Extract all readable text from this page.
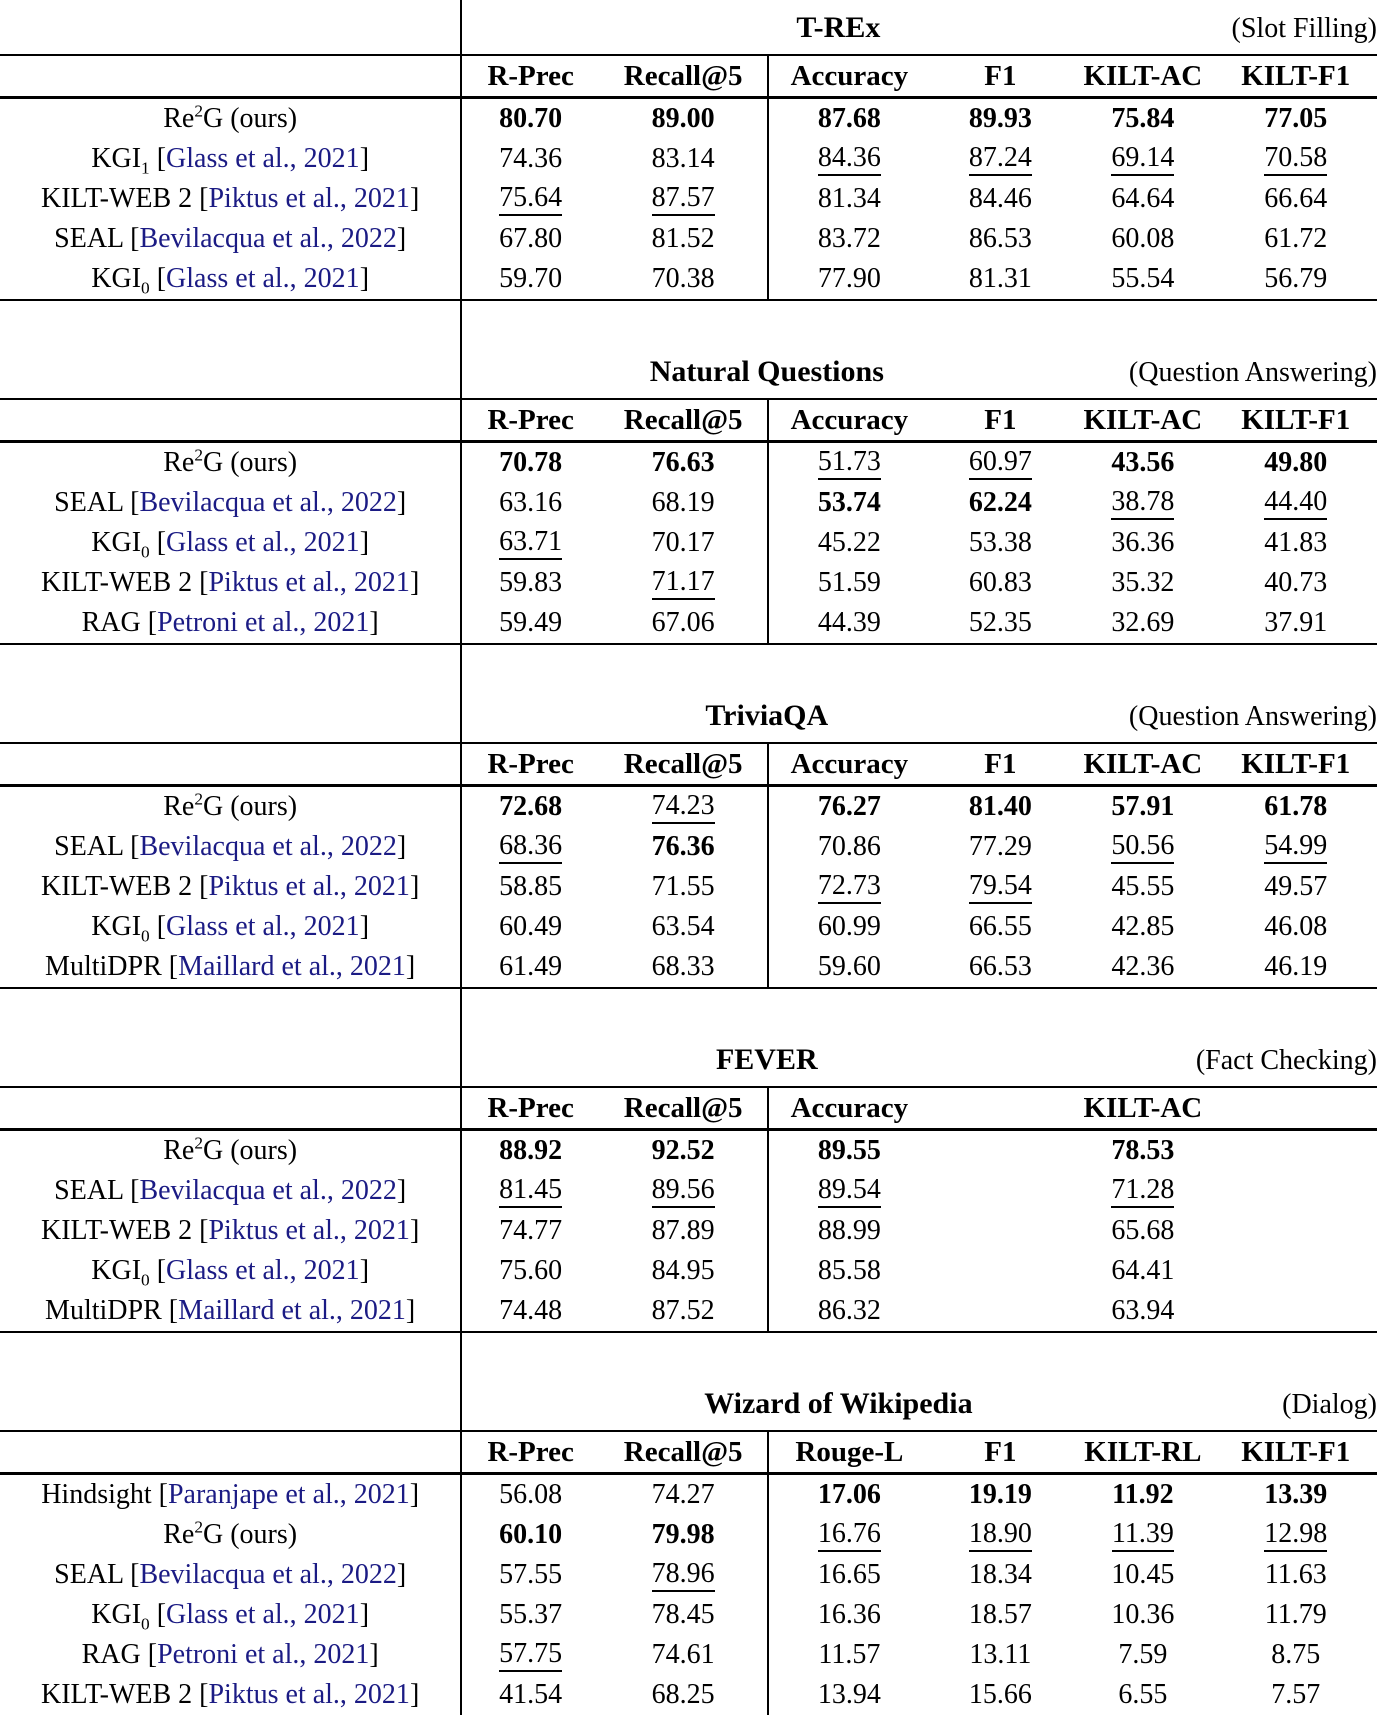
	T-REx					(Slot Filling)
	R-Prec	Recall@5	Accuracy	F1	KILT-AC	KILT-F1
Re$^2$G (ours)	80.70	89.00	87.68	89.93	75.84	77.05
$KGI_1$ [Glass et al., 2021]	74.36	83.14	84.36	87.24	69.14	70.58
KILT-WEB 2 [Piktus et al., 2021]	75.64	87.57	81.34	84.46	64.64	66.64
SEAL [Bevilacqua et al., 2022]	67.80	81.52	83.72	86.53	60.08	61.72
$KGI_0$ [Glass et al., 2021]	59.70	70.38	77.90	81.31	55.54	56.79
	Natural Questions				(Question Answering)	
	R-Prec	Recall@5	Accuracy	F1	KILT-AC	KILT-F1
Re$^2$G (ours)	70.78	76.63	51.73	60.97	43.56	49.80
SEAL [Bevilacqua et al., 2022]	63.16	68.19	53.74	62.24	38.78	44.40
$KGI_0$ [Glass et al., 2021]	63.71	70.17	45.22	53.38	36.36	41.83
KILT-WEB 2 [Piktus et al., 2021]	59.83	71.17	51.59	60.83	35.32	40.73
RAG [Petroni et al., 2021]	59.49	67.06	44.39	52.35	32.69	37.91
	TriviaQA				(Question Answering)	
	R-Prec	Recall@5	Accuracy	F1	KILT-AC	KILT-F1
Re$^2$G (ours)	72.68	74.23	76.27	81.40	57.91	61.78
SEAL [Bevilacqua et al., 2022]	68.36	76.36	70.86	77.29	50.56	54.99
KILT-WEB 2 [Piktus et al., 2021]	58.85	71.55	72.73	79.54	45.55	49.57
$KGI_0$ [Glass et al., 2021]	60.49	63.54	60.99	66.55	42.85	46.08
MultiDPR [Maillard et al., 2021]	61.49	68.33	59.60	66.53	42.36	46.19
	FEVER				(Fact Checking)	
	R-Prec	Recall@5	Accuracy		KILT-AC	
Re$^2$G (ours)	88.92	92.52	89.55		78.53	
SEAL [Bevilacqua et al., 2022]	81.45	89.56	89.54		71.28	
KILT-WEB 2 [Piktus et al., 2021]	74.77	87.89	88.99		65.68	
$KGI_0$ [Glass et al., 2021]	75.60	84.95	85.58		64.41	
MultiDPR [Maillard et al., 2021]	74.48	87.52	86.32		63.94	
	Wizard of Wikipedia					(Dialog)
	R-Prec	Recall@5	Rouge-L	F1	KILT-RL	KILT-F1
Hindsight [Paranjape et al., 2021]	56.08	74.27	17.06	19.19	11.92	13.39
Re$^2$G (ours)	60.10	79.98	16.76	18.90	11.39	12.98
SEAL [Bevilacqua et al., 2022]	57.55	78.96	16.65	18.34	10.45	11.63
$KGI_0$ [Glass et al., 2021]	55.37	78.45	16.36	18.57	10.36	11.79
RAG [Petroni et al., 2021]	57.75	74.61	11.57	13.11	7.59	8.75
KILT-WEB 2 [Piktus et al., 2021]	41.54	68.25	13.94	15.66	6.55	7.57
